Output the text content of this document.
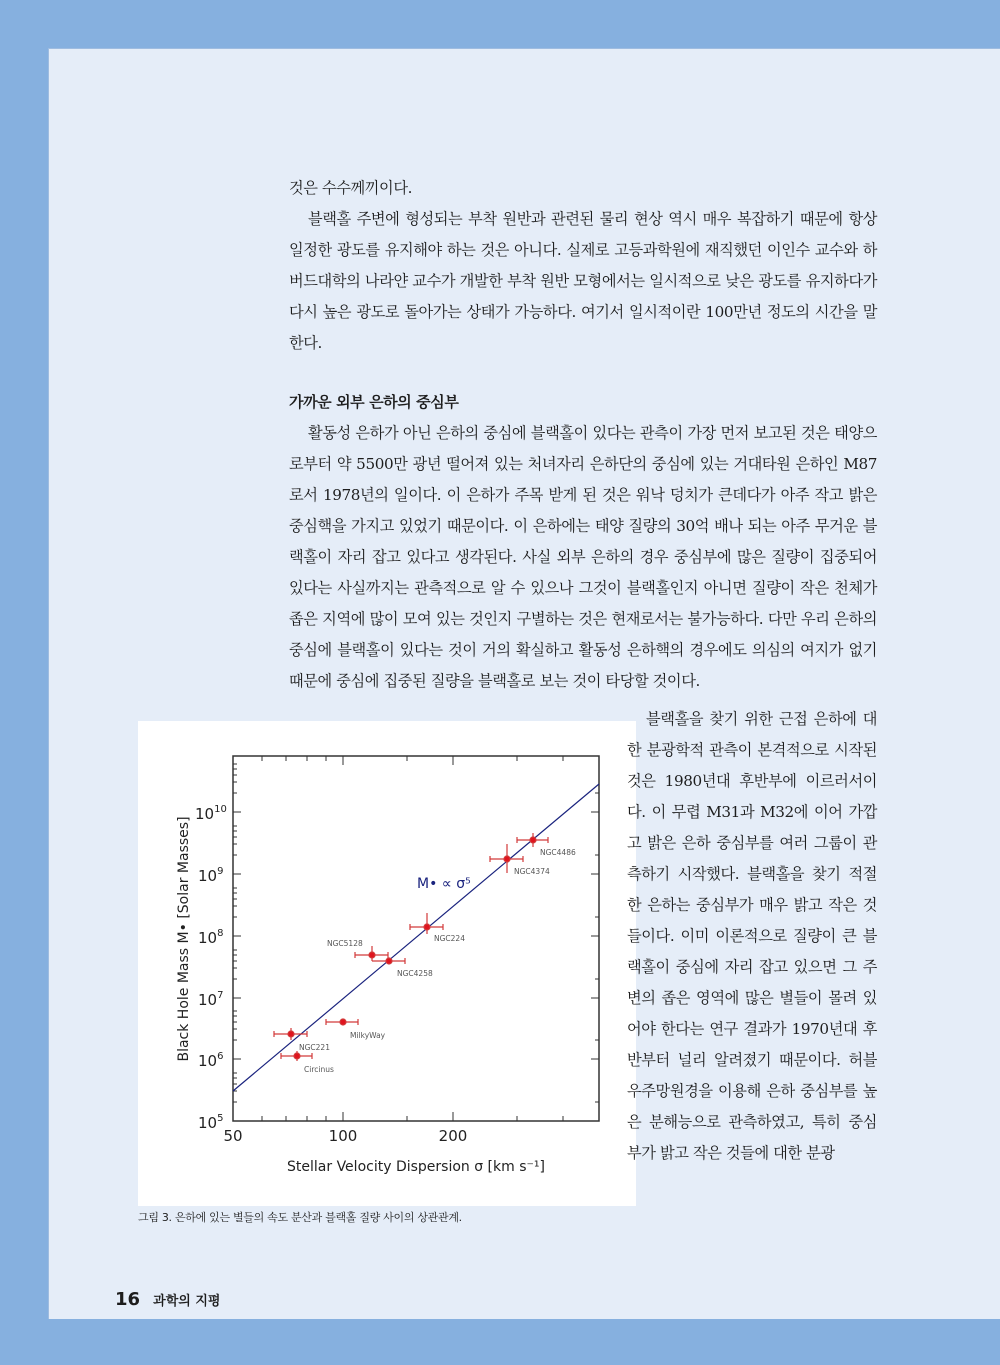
것은 수수께끼이다.

블랙홀 주변에 형성되는 부착 원반과 관련된 물리 현상 역시 매우 복잡하기 때문에 항상 일정한 광도를 유지해야 하는 것은 아니다. 실제로 고등과학원에 재직했던 이인수 교수와 하버드대학의 나라얀 교수가 개발한 부착 원반 모형에서는 일시적으로 낮은 광도를 유지하다가 다시 높은 광도로 돌아가는 상태가 가능하다. 여기서 일시적이란 100만년 정도의 시간을 말한다.

가까운 외부 은하의 중심부

활동성 은하가 아닌 은하의 중심에 블랙홀이 있다는 관측이 가장 먼저 보고된 것은 태양으로부터 약 5500만 광년 떨어져 있는 처녀자리 은하단의 중심에 있는 거대타원 은하인 M87로서 1978년의 일이다. 이 은하가 주목 받게 된 것은 워낙 덩치가 큰데다가 아주 작고 밝은 중심핵을 가지고 있었기 때문이다. 이 은하에는 태양 질량의 30억 배나 되는 아주 무거운 블랙홀이 자리 잡고 있다고 생각된다. 사실 외부 은하의 경우 중심부에 많은 질량이 집중되어 있다는 사실까지는 관측적으로 알 수 있으나 그것이 블랙홀인지 아니면 질량이 작은 천체가 좁은 지역에 많이 모여 있는 것인지 구별하는 것은 현재로서는 불가능하다. 다만 우리 은하의 중심에 블랙홀이 있다는 것이 거의 확실하고 활동성 은하핵의 경우에도 의심의 여지가 없기 때문에 중심에 집중된 질량을 블랙홀로 보는 것이 타당할 것이다.

$10^5$
$10^6$
$10^7$
$10^8$
$10^9$
$10^{10}$
50	100	200
Stellar Velocity Dispersion σ [km s⁻¹]
Black Hole Mass M• [Solar Masses]	M• ∝ σ⁵
NGC221
Circinus
MilkyWay
NGC5128
NGC4258
NGC224
NGC4374
NGC4486
그림 3. 은하에 있는 별들의 속도 분산과 블랙홀 질량 사이의 상관관계.

블랙홀을 찾기 위한 근접 은하에 대한 분광학적 관측이 본격적으로 시작된 것은 1980년대 후반부에 이르러서이다. 이 무렵 M31과 M32에 이어 가깝고 밝은 은하 중심부를 여러 그룹이 관측하기 시작했다. 블랙홀을 찾기 적절한 은하는 중심부가 매우 밝고 작은 것들이다. 이미 이론적으로 질량이 큰 블랙홀이 중심에 자리 잡고 있으면 그 주변의 좁은 영역에 많은 별들이 몰려 있어야 한다는 연구 결과가 1970년대 후반부터 널리 알려졌기 때문이다. 허블 우주망원경을 이용해 은하 중심부를 높은 분해능으로 관측하였고, 특히 중심부가 밝고 작은 것들에 대한 분광

16 과학의 지평
